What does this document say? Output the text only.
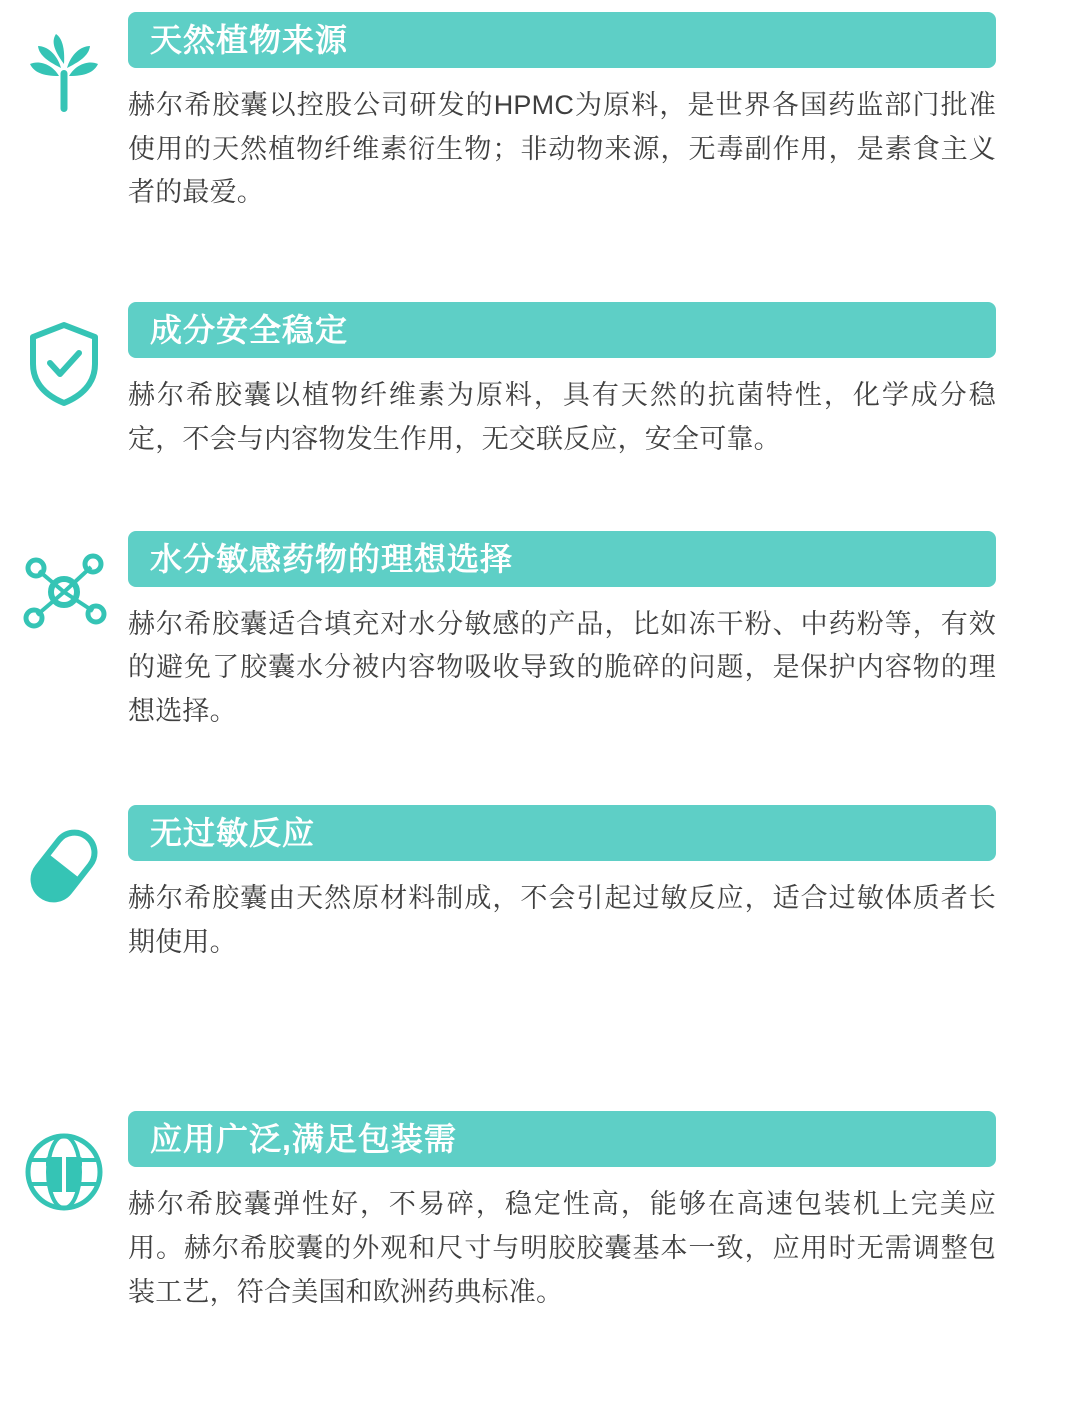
天然植物来源

赫尔希胶囊以控股公司研发的HPMC为原料，是世界各国药监部门批准使用的天然植物纤维素衍生物；非动物来源，无毒副作用，是素食主义者的最爱。

成分安全稳定

赫尔希胶囊以植物纤维素为原料，具有天然的抗菌特性，化学成分稳定，不会与内容物发生作用，无交联反应，安全可靠。

水分敏感药物的理想选择

赫尔希胶囊适合填充对水分敏感的产品，比如冻干粉、中药粉等，有效的避免了胶囊水分被内容物吸收导致的脆碎的问题，是保护内容物的理想选择。

无过敏反应

赫尔希胶囊由天然原材料制成，不会引起过敏反应，适合过敏体质者长期使用。

应用广泛,满足包装需

赫尔希胶囊弹性好，不易碎，稳定性高，能够在高速包装机上完美应用。赫尔希胶囊的外观和尺寸与明胶胶囊基本一致，应用时无需调整包装工艺，符合美国和欧洲药典标准。
